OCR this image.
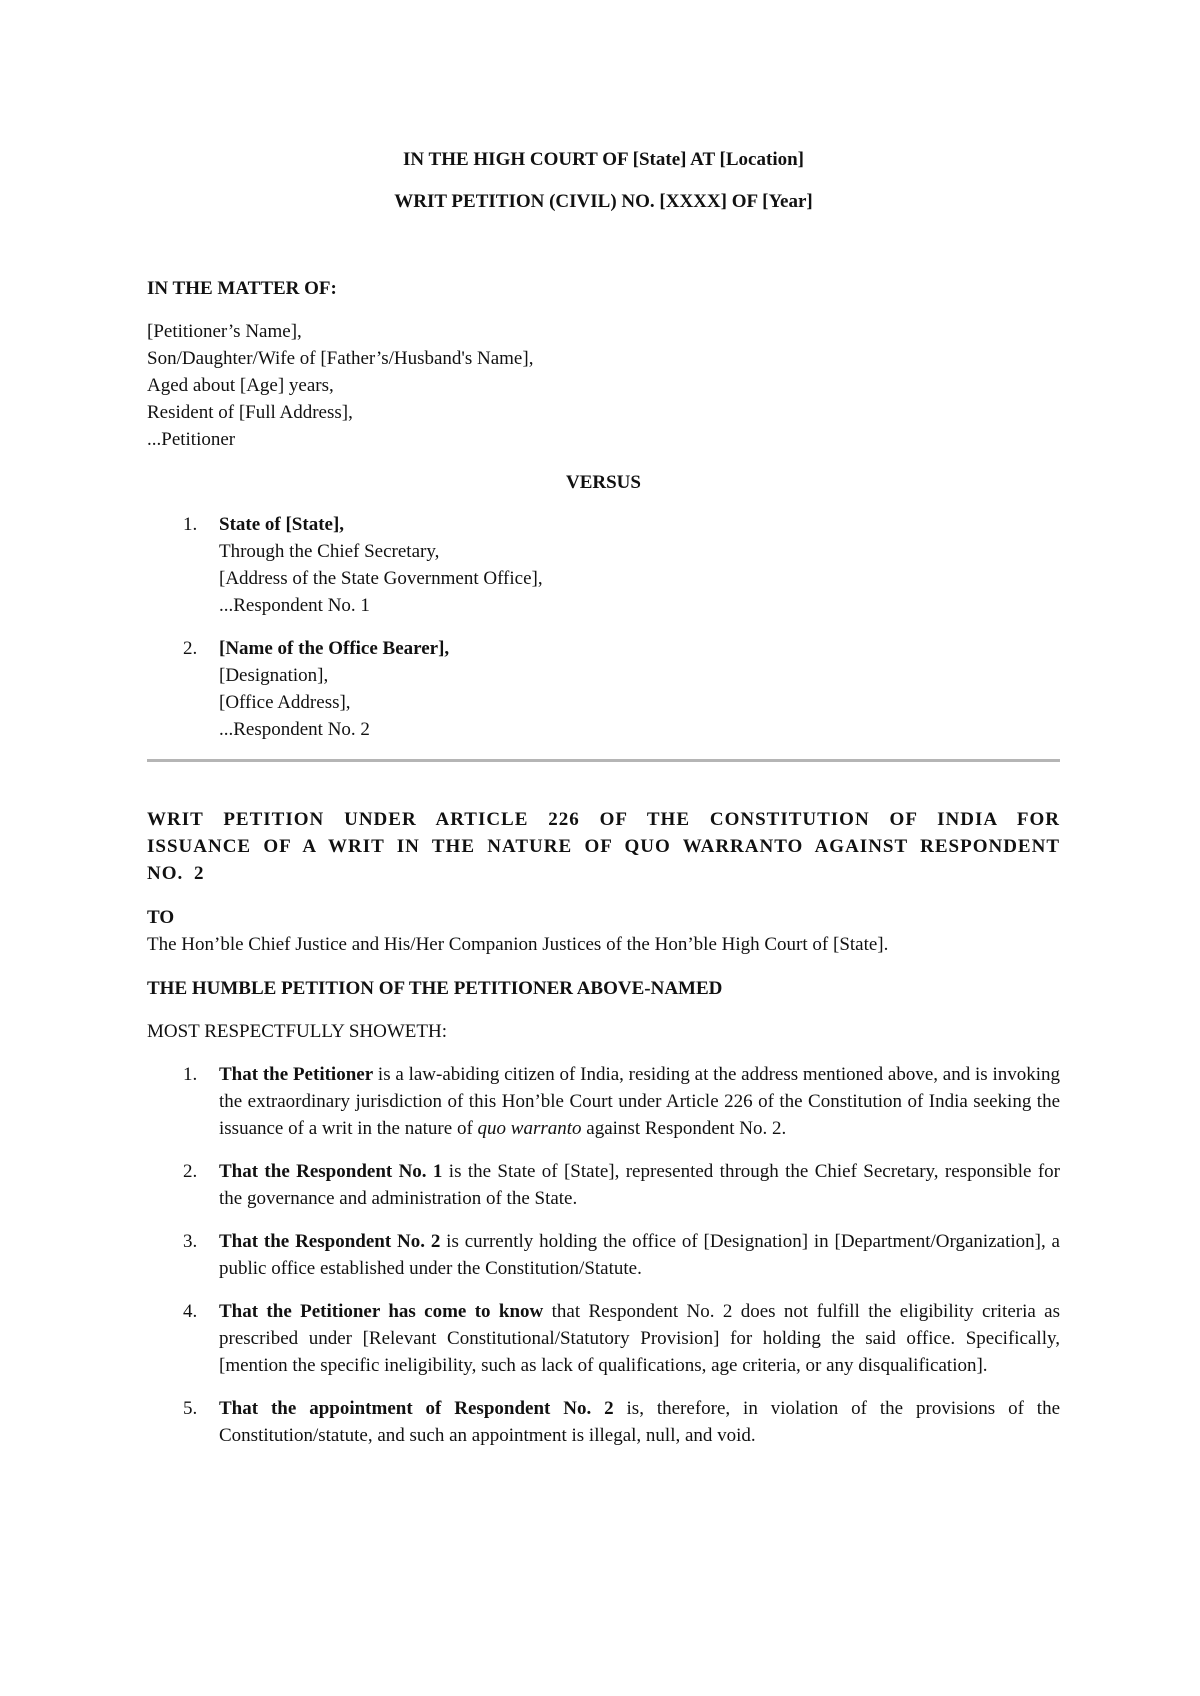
IN THE HIGH COURT OF [State] AT [Location]

WRIT PETITION (CIVIL) NO. [XXXX] OF [Year]

IN THE MATTER OF:

[Petitioner’s Name],
Son/Daughter/Wife of [Father’s/Husband's Name],
Aged about [Age] years,
Resident of [Full Address],
...Petitioner

VERSUS

1. State of [State],
Through the Chief Secretary,
[Address of the State Government Office],
...Respondent No. 1
2. [Name of the Office Bearer],
[Designation],
[Office Address],
...Respondent No. 2

WRIT PETITION UNDER ARTICLE 226 OF THE CONSTITUTION OF INDIA FOR ISSUANCE OF A WRIT IN THE NATURE OF QUO WARRANTO AGAINST RESPONDENT NO. 2

TO

The Hon’ble Chief Justice and His/Her Companion Justices of the Hon’ble High Court of [State].

THE HUMBLE PETITION OF THE PETITIONER ABOVE-NAMED

MOST RESPECTFULLY SHOWETH:

1. That the Petitioner is a law-abiding citizen of India, residing at the address mentioned above, and is invoking the extraordinary jurisdiction of this Hon’ble Court under Article 226 of the Constitution of India seeking the issuance of a writ in the nature of quo warranto against Respondent No. 2.
2. That the Respondent No. 1 is the State of [State], represented through the Chief Secretary, responsible for the governance and administration of the State.
3. That the Respondent No. 2 is currently holding the office of [Designation] in [Department/Organization], a public office established under the Constitution/Statute.
4. That the Petitioner has come to know that Respondent No. 2 does not fulfill the eligibility criteria as prescribed under [Relevant Constitutional/Statutory Provision] for holding the said office. Specifically, [mention the specific ineligibility, such as lack of qualifications, age criteria, or any disqualification].
5. That the appointment of Respondent No. 2 is, therefore, in violation of the provisions of the Constitution/statute, and such an appointment is illegal, null, and void.
